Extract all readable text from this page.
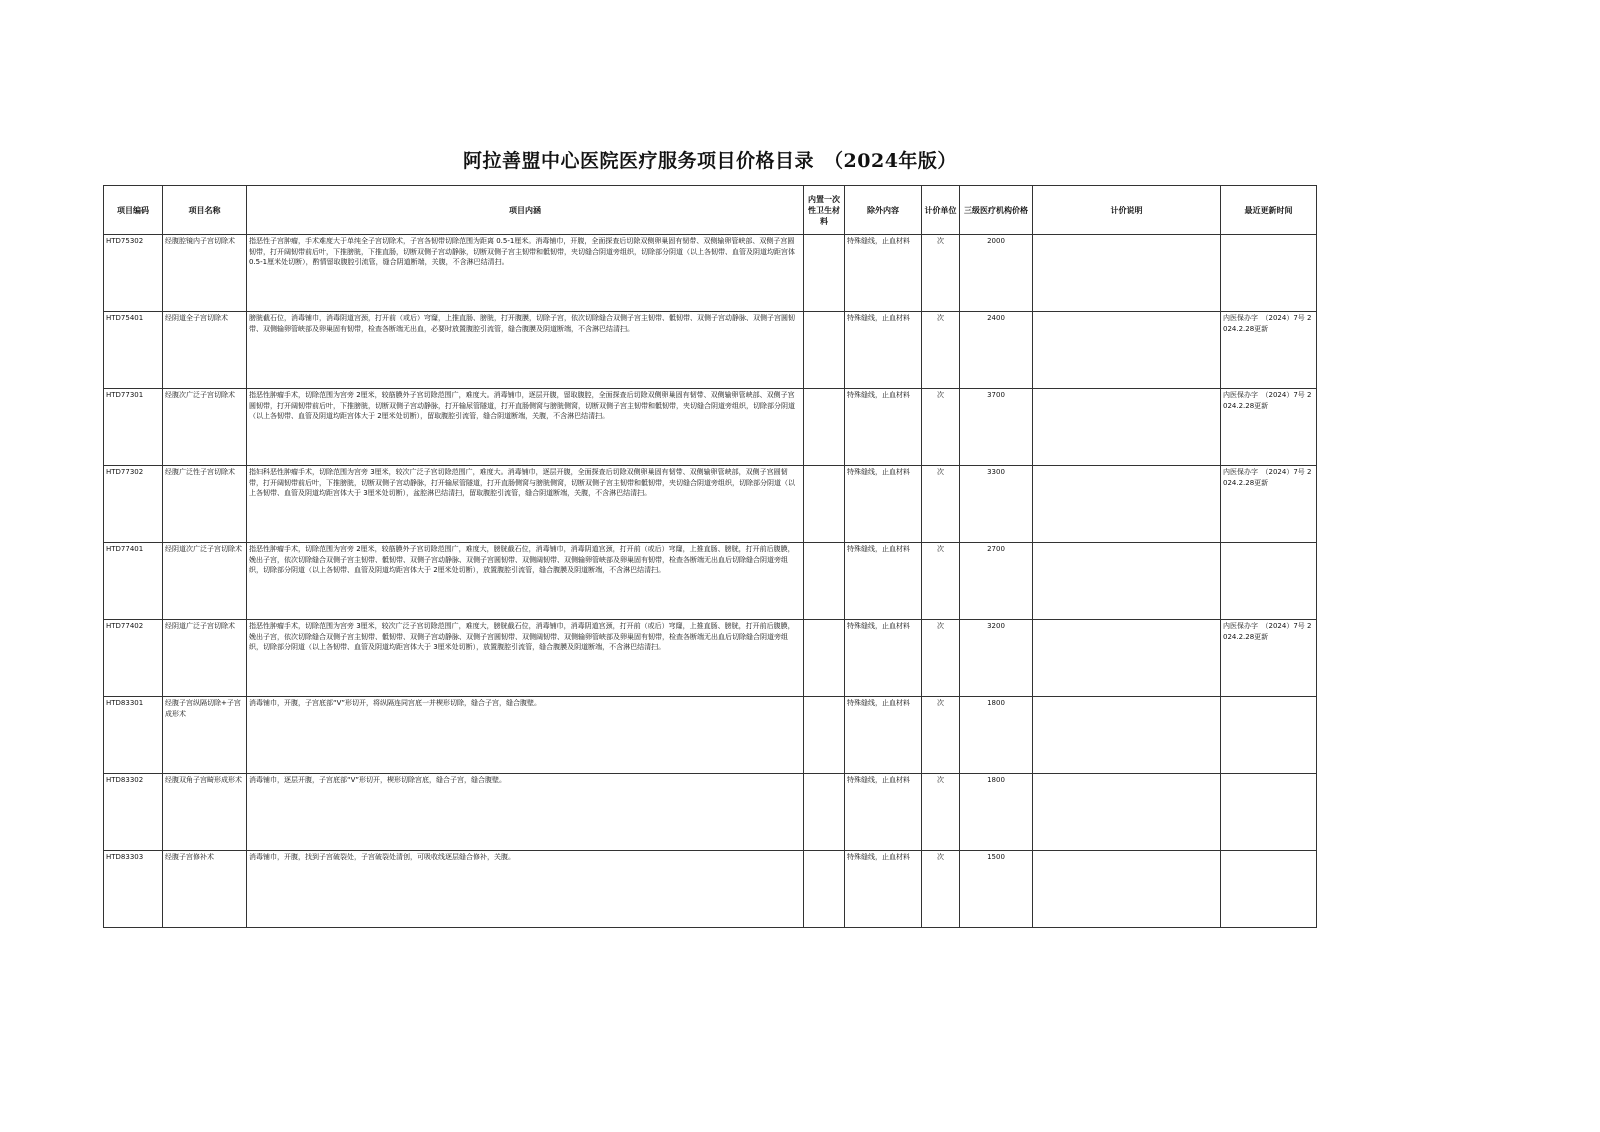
阿拉善盟中心医院医疗服务项目价格目录　（2024年版）
项目编码	项目名称	项目内涵	内置一次性卫生材料	除外内容	计价单位	三级医疗机构价格	计价说明	最近更新时间
HTD75302	经腹腔镜内子宫切除术	指恶性子宫肿瘤，手术难度大于单纯全子宫切除术，子宫各韧带切除范围为距离 0.5-1厘米。消毒铺巾，开腹，全面探查后切除双侧卵巢固有韧带、双侧输卵管峡部、双侧子宫圆韧带，打开阔韧带前后叶，下推膀胱，下推直肠，切断双侧子宫动静脉，切断双侧子宫主韧带和骶韧带，夹切缝合阴道旁组织，切除部分阴道（以上各韧带、血管及阴道均距宫体 0.5-1厘米处切断），酌情留取腹腔引流管，缝合阴道断端，关腹，不含淋巴结清扫。		特殊缝线，止血材料	次	2000		
HTD75401	经阴道全子宫切除术	膀胱截石位，消毒铺巾，消毒阴道宫颈，打开前（或后）穹窿，上推直肠、膀胱，打开腹膜，切除子宫，依次切除缝合双侧子宫主韧带、骶韧带、双侧子宫动静脉、双侧子宫圆韧带、双侧输卵管峡部及卵巢固有韧带，检查各断端无出血，必要时放置腹腔引流管，缝合腹膜及阴道断端，不含淋巴结清扫。		特殊缝线，止血材料	次	2400		内医保办字　（2024）7号 2024.2.28更新
HTD77301	经腹次广泛子宫切除术	指恶性肿瘤手术，切除范围为宫旁 2厘米，较筋膜外子宫切除范围广，难度大。消毒铺巾，逐层开腹，留取腹腔，全面探查后切除双侧卵巢固有韧带、双侧输卵管峡部、双侧子宫圆韧带，打开阔韧带前后叶，下推膀胱，切断双侧子宫动静脉，打开输尿管隧道，打开直肠侧窝与膀胱侧窝，切断双侧子宫主韧带和骶韧带，夹切缝合阴道旁组织，切除部分阴道（以上各韧带、血管及阴道均距宫体大于 2厘米处切断），留取腹腔引流管，缝合阴道断端，关腹，不含淋巴结清扫。		特殊缝线，止血材料	次	3700		内医保办字　（2024）7号 2024.2.28更新
HTD77302	经腹广泛性子宫切除术	指妇科恶性肿瘤手术，切除范围为宫旁 3厘米，较次广泛子宫切除范围广，难度大。消毒铺巾，逐层开腹，全面探查后切除双侧卵巢固有韧带、双侧输卵管峡部，双侧子宫圆韧带，打开阔韧带前后叶，下推膀胱，切断双侧子宫动静脉，打开输尿管隧道，打开直肠侧窝与膀胱侧窝，切断双侧子宫主韧带和骶韧带，夹切缝合阴道旁组织，切除部分阴道（以上各韧带、血管及阴道均距宫体大于 3厘米处切断），盆腔淋巴结清扫，留取腹腔引流管，缝合阴道断端，关腹，不含淋巴结清扫。		特殊缝线，止血材料	次	3300		内医保办字　（2024）7号 2024.2.28更新
HTD77401	经阴道次广泛子宫切除术	指恶性肿瘤手术，切除范围为宫旁 2厘米，较筋膜外子宫切除范围广，难度大，膀胱截石位，消毒铺巾，消毒阴道宫颈，打开前（或后）穹窿，上推直肠、膀胱，打开前后腹膜，娩出子宫，依次切除缝合双侧子宫主韧带、骶韧带、双侧子宫动静脉、双侧子宫圆韧带、双侧阔韧带、双侧输卵管峡部及卵巢固有韧带，检查各断端无出血后切除缝合阴道旁组织，切除部分阴道（以上各韧带、血管及阴道均距宫体大于 2厘米处切断），放置腹腔引流管，缝合腹膜及阴道断端，不含淋巴结清扫。		特殊缝线，止血材料	次	2700		
HTD77402	经阴道广泛子宫切除术	指恶性肿瘤手术，切除范围为宫旁 3厘米，较次广泛子宫切除范围广，难度大，膀胱截石位，消毒铺巾，消毒阴道宫颈，打开前（或后）穹窿，上推直肠、膀胱，打开前后腹膜，娩出子宫，依次切除缝合双侧子宫主韧带、骶韧带、双侧子宫动静脉、双侧子宫圆韧带、双侧阔韧带、双侧输卵管峡部及卵巢固有韧带，检查各断端无出血后切除缝合阴道旁组织，切除部分阴道（以上各韧带、血管及阴道均距宫体大于 3厘米处切断），放置腹腔引流管，缝合腹膜及阴道断端，不含淋巴结清扫。		特殊缝线，止血材料	次	3200		内医保办字　（2024）7号 2024.2.28更新
HTD83301	经腹子宫纵隔切除+子宫成形术	消毒铺巾，开腹，子宫底部“V”形切开，将纵隔连同宫底一并楔形切除，缝合子宫，缝合腹壁。		特殊缝线，止血材料	次	1800		
HTD83302	经腹双角子宫畸形成形术	消毒铺巾，逐层开腹，子宫底部“V”形切开，楔形切除宫底，缝合子宫，缝合腹壁。		特殊缝线，止血材料	次	1800		
HTD83303	经腹子宫修补术	消毒铺巾，开腹，找到子宫破裂处，子宫破裂处清创，可吸收线逐层缝合修补，关腹。		特殊缝线，止血材料	次	1500		
